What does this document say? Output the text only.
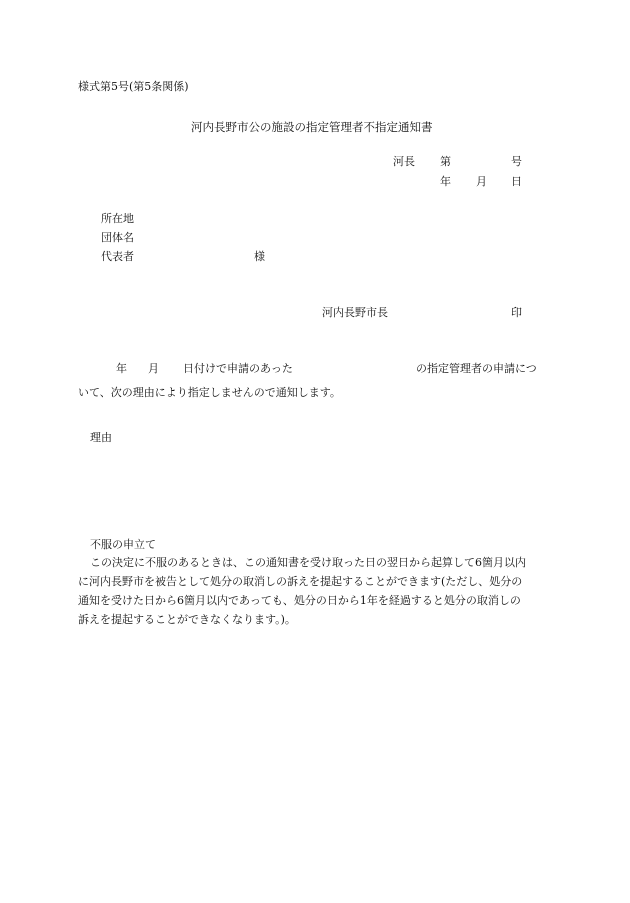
様式第5号(第5条関係)
河内長野市公の施設の指定管理者不指定通知書
河長 第	号
年 月 日
所在地
団体名
代表者	様
河内長野市長	印
年 月 日付けで申請のあった	の指定管理者の申請につ
いて、次の理由により指定しませんので通知します。
理由
不服の申立て
この決定に不服のあるときは、この通知書を受け取った日の翌日から起算して6箇月以内
に河内長野市を被告として処分の取消しの訴えを提起することができます(ただし、処分の
通知を受けた日から6箇月以内であっても、処分の日から1年を経過すると処分の取消しの
訴えを提起することができなくなります。)。
